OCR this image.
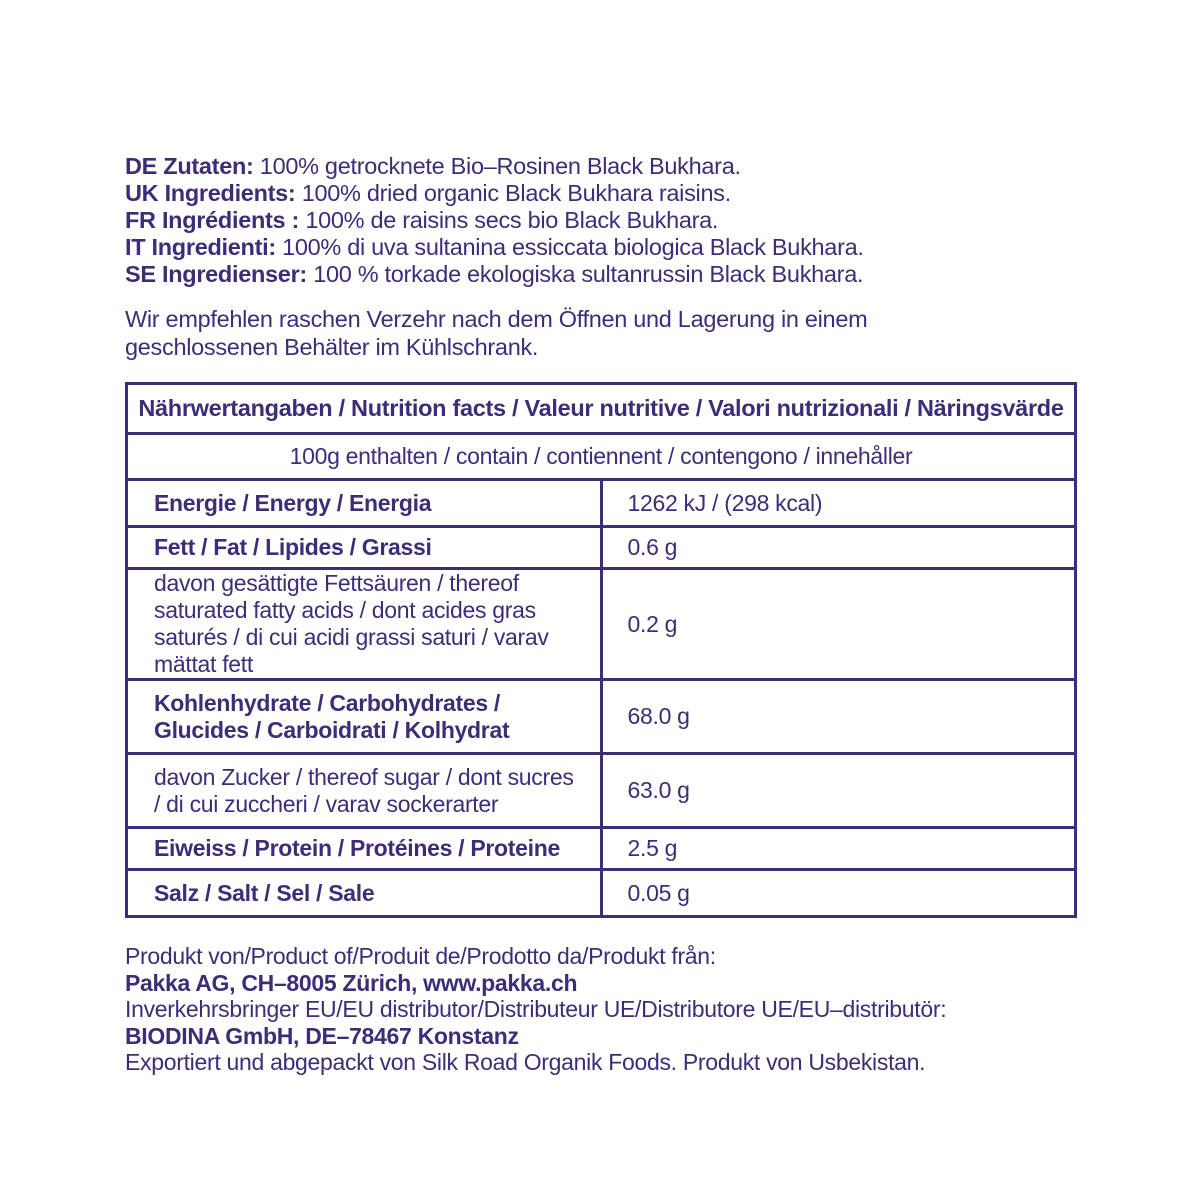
DE Zutaten: 100% getrocknete Bio–Rosinen Black Bukhara.
UK Ingredients: 100% dried organic Black Bukhara raisins.
FR Ingrédients : 100% de raisins secs bio Black Bukhara.
IT Ingredienti: 100% di uva sultanina essiccata biologica Black Bukhara.
SE Ingredienser: 100 % torkade ekologiska sultanrussin Black Bukhara.

Wir empfehlen raschen Verzehr nach dem Öffnen und Lagerung in einem geschlossenen Behälter im Kühlschrank.

Nährwertangaben / Nutrition facts / Valeur nutritive / Valori nutrizionali / Näringsvärde	
100g enthalten / contain / contiennent / contengono / innehåller	
Energie / Energy / Energia	1262 kJ / (298 kcal)
Fett / Fat / Lipides / Grassi	0.6 g
davon gesättigte Fettsäuren / thereof saturated fatty acids / dont acides gras saturés / di cui acidi grassi saturi / varav mättat fett	0.2 g
Kohlenhydrate / Carbohydrates / Glucides / Carboidrati / Kolhydrat	68.0 g
davon Zucker / thereof sugar / dont sucres / di cui zuccheri / varav sockerarter	63.0 g
Eiweiss / Protein / Protéines / Proteine	2.5 g
Salz / Salt / Sel / Sale	0.05 g
Produkt von/Product of/Produit de/Prodotto da/Produkt från:
Pakka AG, CH–8005 Zürich, www.pakka.ch
Inverkehrsbringer EU/EU distributor/Distributeur UE/Distributore UE/EU–distributör:
BIODINA GmbH, DE–78467 Konstanz
Exportiert und abgepackt von Silk Road Organik Foods. Produkt von Usbekistan.
